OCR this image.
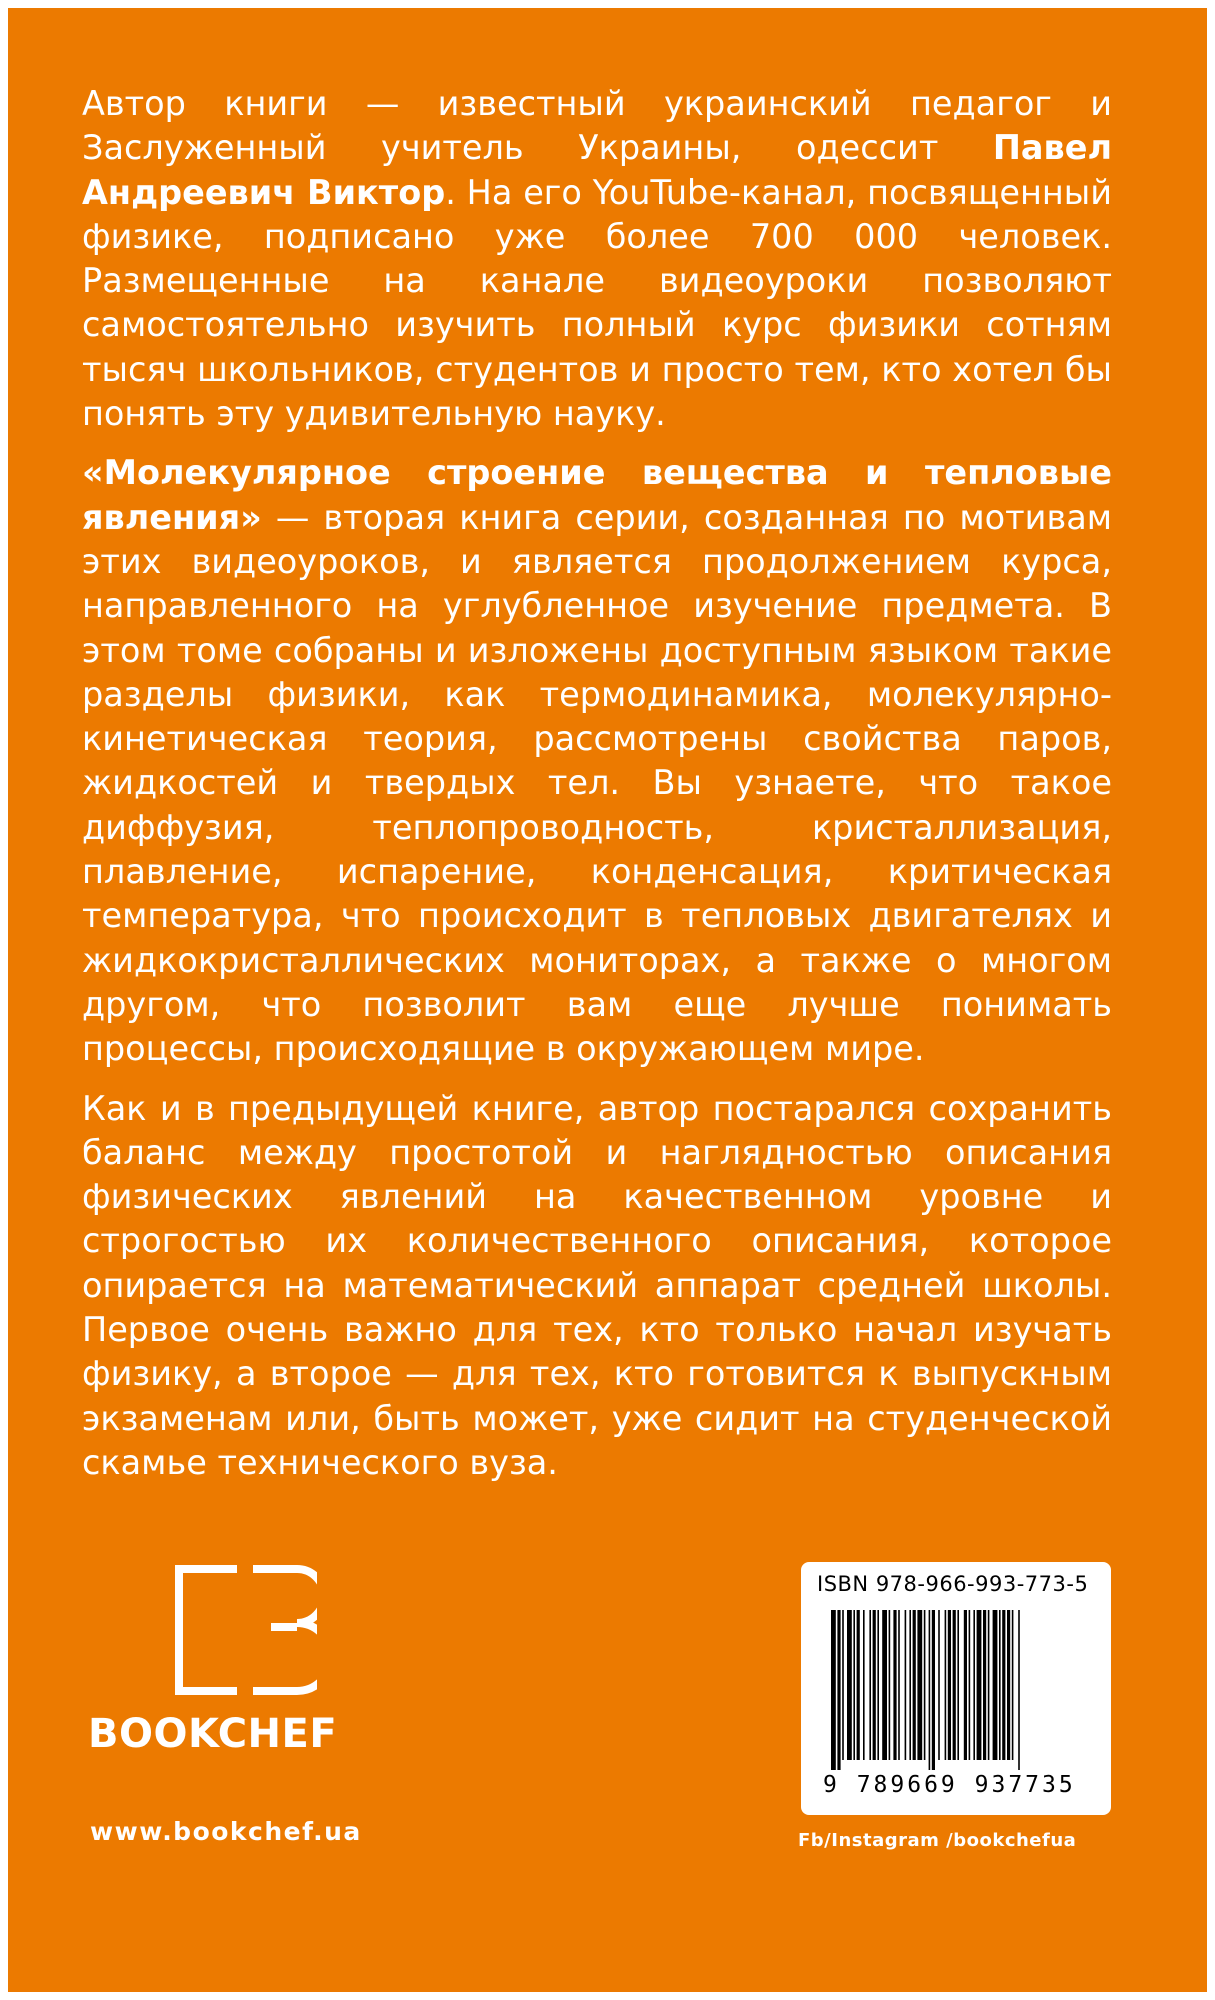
Автор книги — известный украинский педагог и Заслуженный учитель Украины, одессит Павел Андреевич Виктор. На его YouTube-канал, посвященный физике, подписано уже более 700 000 человек. Размещенные на канале видеоуроки позволяют самостоятельно изучить полный курс физики сотням тысяч школьников, студентов и просто тем, кто хотел бы понять эту удивительную науку.

«Молекулярное строение вещества и тепловые явления» — вторая книга серии, созданная по мотивам этих видеоуроков, и является продолжением курса, направленного на углубленное изучение предмета. В этом томе собраны и изложены доступным языком такие разделы физики, как термодинамика, молекулярно-кинетическая теория, рассмотрены свойства паров, жидкостей и твердых тел. Вы узнаете, что такое диффузия, теплопроводность, кристаллизация, плавление, испарение, конденсация, критическая температура, что происходит в тепловых двигателях и жидкокристаллических мониторах, а также о многом другом, что позволит вам еще лучше понимать процессы, происходящие в окружающем мире.

Как и в предыдущей книге, автор постарался сохранить баланс между простотой и наглядностью описания физических явлений на качественном уровне и строгостью их количественного описания, которое опирается на математический аппарат средней школы. Первое очень важно для тех, кто только начал изучать физику, а второе — для тех, кто готовится к выпускным экзаменам или, быть может, уже сидит на студенческой скамье технического вуза.

BOOKCHEF
www.bookchef.ua
ISBN 978-966-993-773-5
9 789669 937735
Fb/Instagram /bookchefua
